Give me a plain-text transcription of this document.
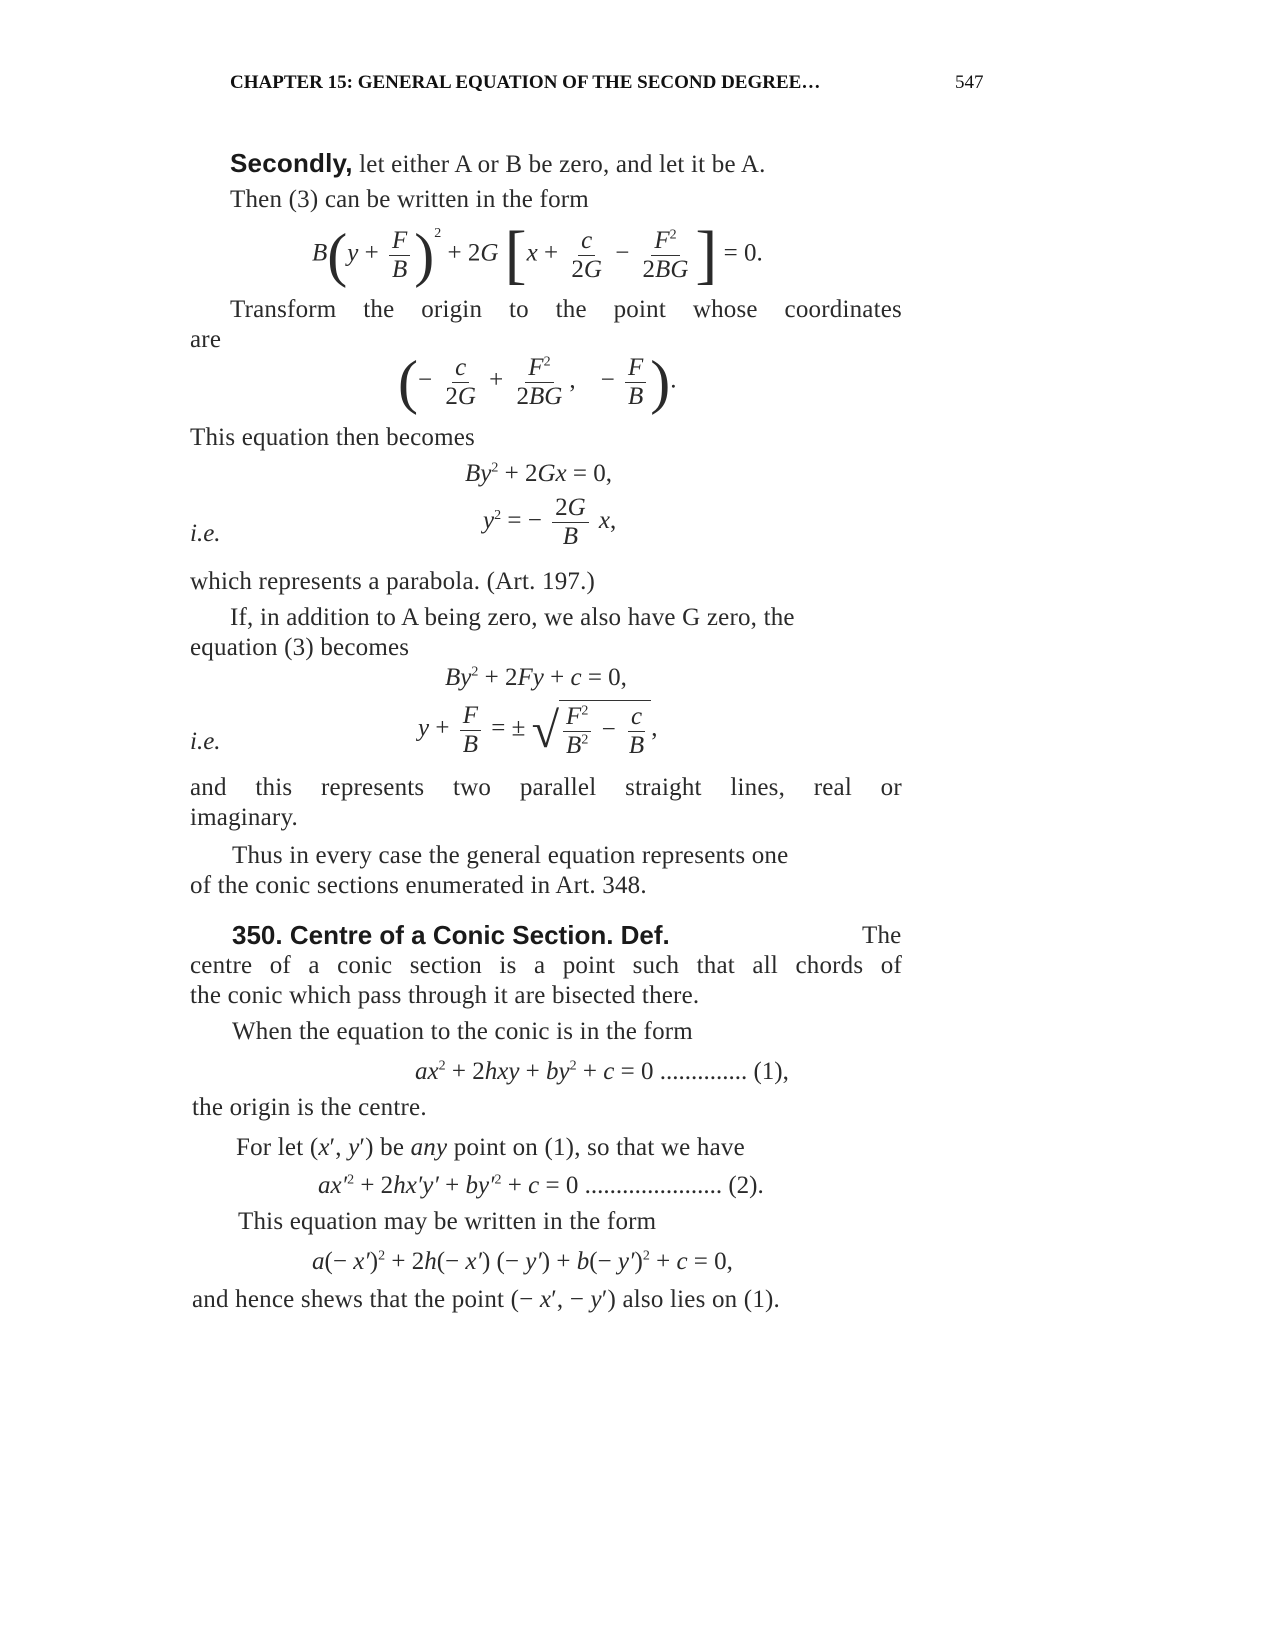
CHAPTER 15: GENERAL EQUATION OF THE SECOND DEGREE…	547
Secondly, let either A or B be zero, and let it be A.
Then (3) can be written in the form
$B(y + \frac{F}{B} )^2 + 2G$ [$x + \frac{c}{2G} - \frac{F^2}{2BG}$ ] = 0.
Transform the origin to the point whose coordinates
are
(− $\frac{c}{2G} + \frac{F^2}{2BG}$ ,    − $\frac{F}{B}$ ).
This equation then becomes
$By^2 + 2Gx = 0$,
i.e.	$y^2$ = − $\frac{2G}{B} x$,
which represents a parabola. (Art. 197.)
If, in addition to A being zero, we also have G zero, the
equation (3) becomes
$By^2 + 2Fy + c = 0$,
i.e.	$y + \frac{F}{B}$ = ± √ $\frac{F^2}{B^2} - \frac{c}{B}$ ,
and this represents two parallel straight lines, real or
imaginary.
Thus in every case the general equation represents one
of the conic sections enumerated in Art. 348.
350. Centre of a Conic Section. Def.	The
centre of a conic section is a point such that all chords of
the conic which pass through it are bisected there.
When the equation to the conic is in the form
$ax^2 + 2hxy + by^2 + c = 0$ .............. (1),
the origin is the centre.
For let (x′, y′) be any point on (1), so that we have
$ax'^2 + 2hx'y' + by'^2 + c = 0$ ...................... (2).
This equation may be written in the form
$a(- x')^2 + 2h(- x')$ (− $y') + b(- y')^2 + c = 0$,
and hence shews that the point (− x′, − y′) also lies on (1).
